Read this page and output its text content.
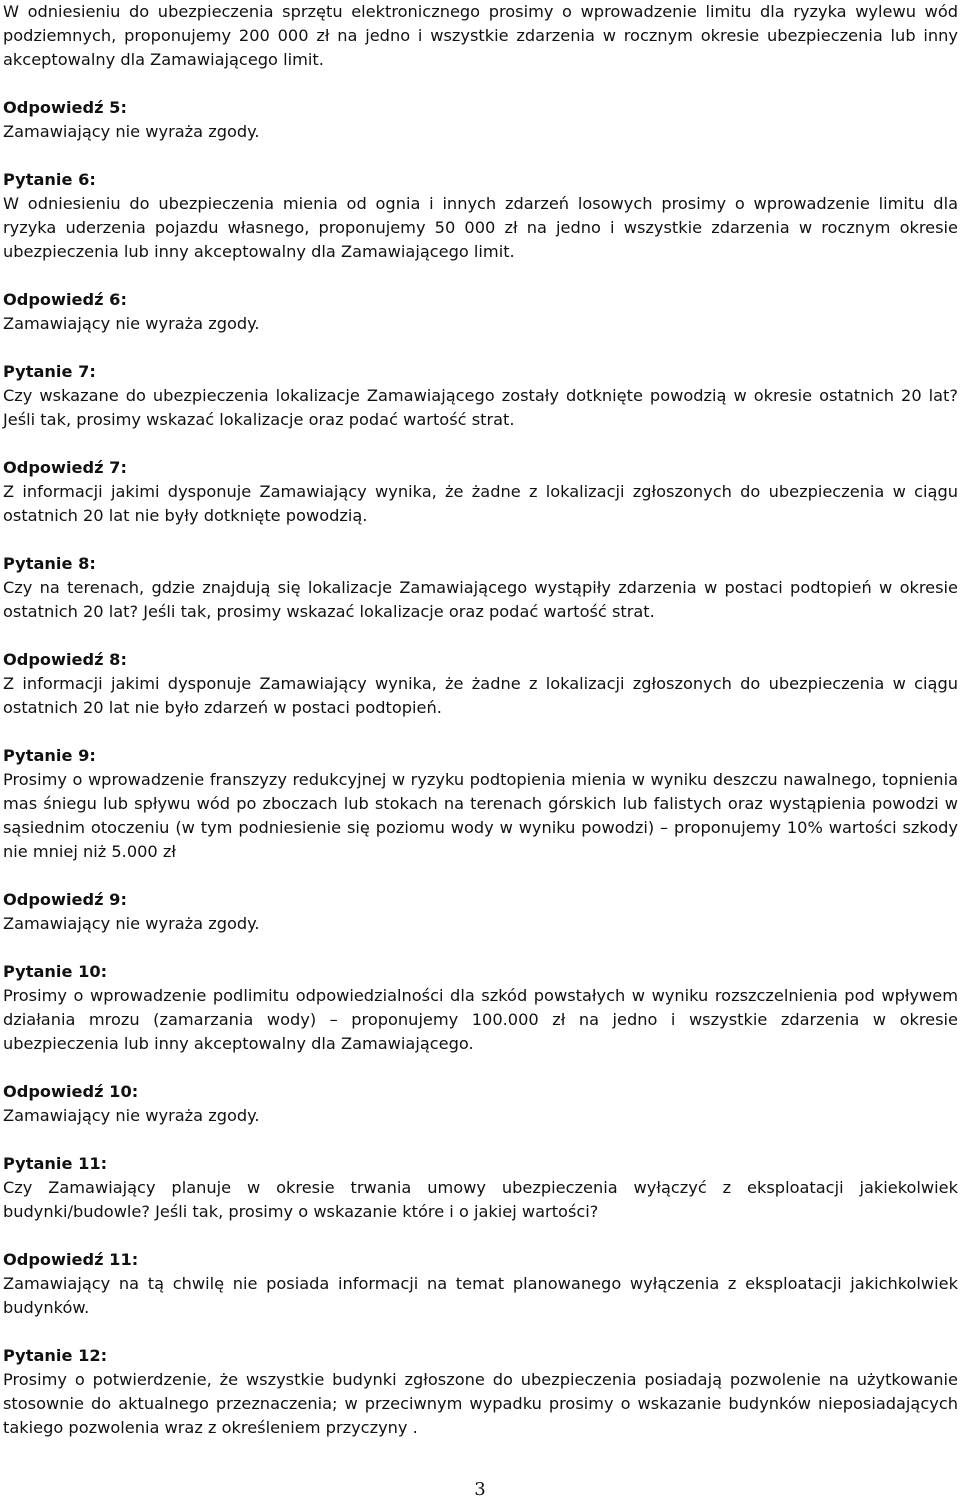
W odniesieniu do ubezpieczenia sprzętu elektronicznego prosimy o wprowadzenie limitu dla ryzyka wylewu wód podziemnych, proponujemy 200 000 zł na jedno i wszystkie zdarzenia w rocznym okresie ubezpieczenia lub inny akceptowalny dla Zamawiającego limit.

Odpowiedź 5:
Zamawiający nie wyraża zgody.
Pytanie 6:
W odniesieniu do ubezpieczenia mienia od ognia i innych zdarzeń losowych prosimy o wprowadzenie limitu dla ryzyka uderzenia pojazdu własnego, proponujemy 50 000 zł na jedno i wszystkie zdarzenia w rocznym okresie ubezpieczenia lub inny akceptowalny dla Zamawiającego limit.
Odpowiedź 6:
Zamawiający nie wyraża zgody.
Pytanie 7:
Czy wskazane do ubezpieczenia lokalizacje Zamawiającego zostały dotknięte powodzią w okresie ostatnich 20 lat? Jeśli tak, prosimy wskazać lokalizacje oraz podać wartość strat.
Odpowiedź 7:
Z informacji jakimi dysponuje Zamawiający wynika, że żadne z lokalizacji zgłoszonych do ubezpieczenia w ciągu ostatnich 20 lat nie były dotknięte powodzią.
Pytanie 8:
Czy na terenach, gdzie znajdują się lokalizacje Zamawiającego wystąpiły zdarzenia w postaci podtopień w okresie ostatnich 20 lat? Jeśli tak, prosimy wskazać lokalizacje oraz podać wartość strat.
Odpowiedź 8:
Z informacji jakimi dysponuje Zamawiający wynika, że żadne z lokalizacji zgłoszonych do ubezpieczenia w ciągu ostatnich 20 lat nie było zdarzeń w postaci podtopień.
Pytanie 9:
Prosimy o wprowadzenie franszyzy redukcyjnej w ryzyku podtopienia mienia w wyniku deszczu nawalnego, topnienia mas śniegu lub spływu wód po zboczach lub stokach na terenach górskich lub falistych oraz wystąpienia powodzi w sąsiednim otoczeniu (w tym podniesienie się poziomu wody w wyniku powodzi) – proponujemy 10% wartości szkody nie mniej niż 5.000 zł
Odpowiedź 9:
Zamawiający nie wyraża zgody.
Pytanie 10:
Prosimy o wprowadzenie podlimitu odpowiedzialności dla szkód powstałych w wyniku rozszczelnienia pod wpływem działania mrozu (zamarzania wody) – proponujemy 100.000 zł na jedno i wszystkie zdarzenia w okresie ubezpieczenia lub inny akceptowalny dla Zamawiającego.
Odpowiedź 10:
Zamawiający nie wyraża zgody.
Pytanie 11:
Czy Zamawiający planuje w okresie trwania umowy ubezpieczenia wyłączyć z eksploatacji jakiekolwiek budynki/budowle? Jeśli tak, prosimy o wskazanie które i o jakiej wartości?
Odpowiedź 11:
Zamawiający na tą chwilę nie posiada informacji na temat planowanego wyłączenia z eksploatacji jakichkolwiek budynków.
Pytanie 12:
Prosimy o potwierdzenie, że wszystkie budynki zgłoszone do ubezpieczenia posiadają pozwolenie na użytkowanie stosownie do aktualnego przeznaczenia; w przeciwnym wypadku prosimy o wskazanie budynków nieposiadających takiego pozwolenia wraz z określeniem przyczyny .
3
